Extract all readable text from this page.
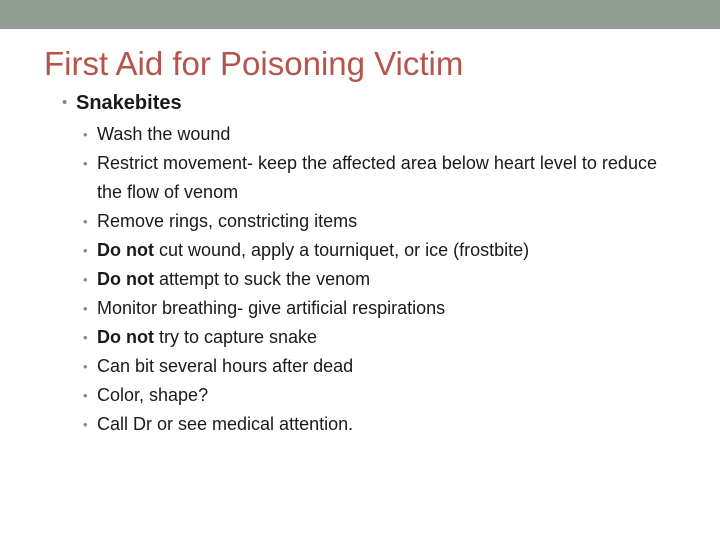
First Aid for Poisoning Victim
• Snakebites
• Wash the wound
• Restrict movement- keep the affected area below heart level to reduce the flow of venom
• Remove rings, constricting items
• Do not cut wound, apply a tourniquet, or ice (frostbite)
• Do not attempt to suck the venom
• Monitor breathing- give artificial respirations
• Do not try to capture snake
• Can bit several hours after dead
• Color, shape?
• Call Dr or see medical attention.
